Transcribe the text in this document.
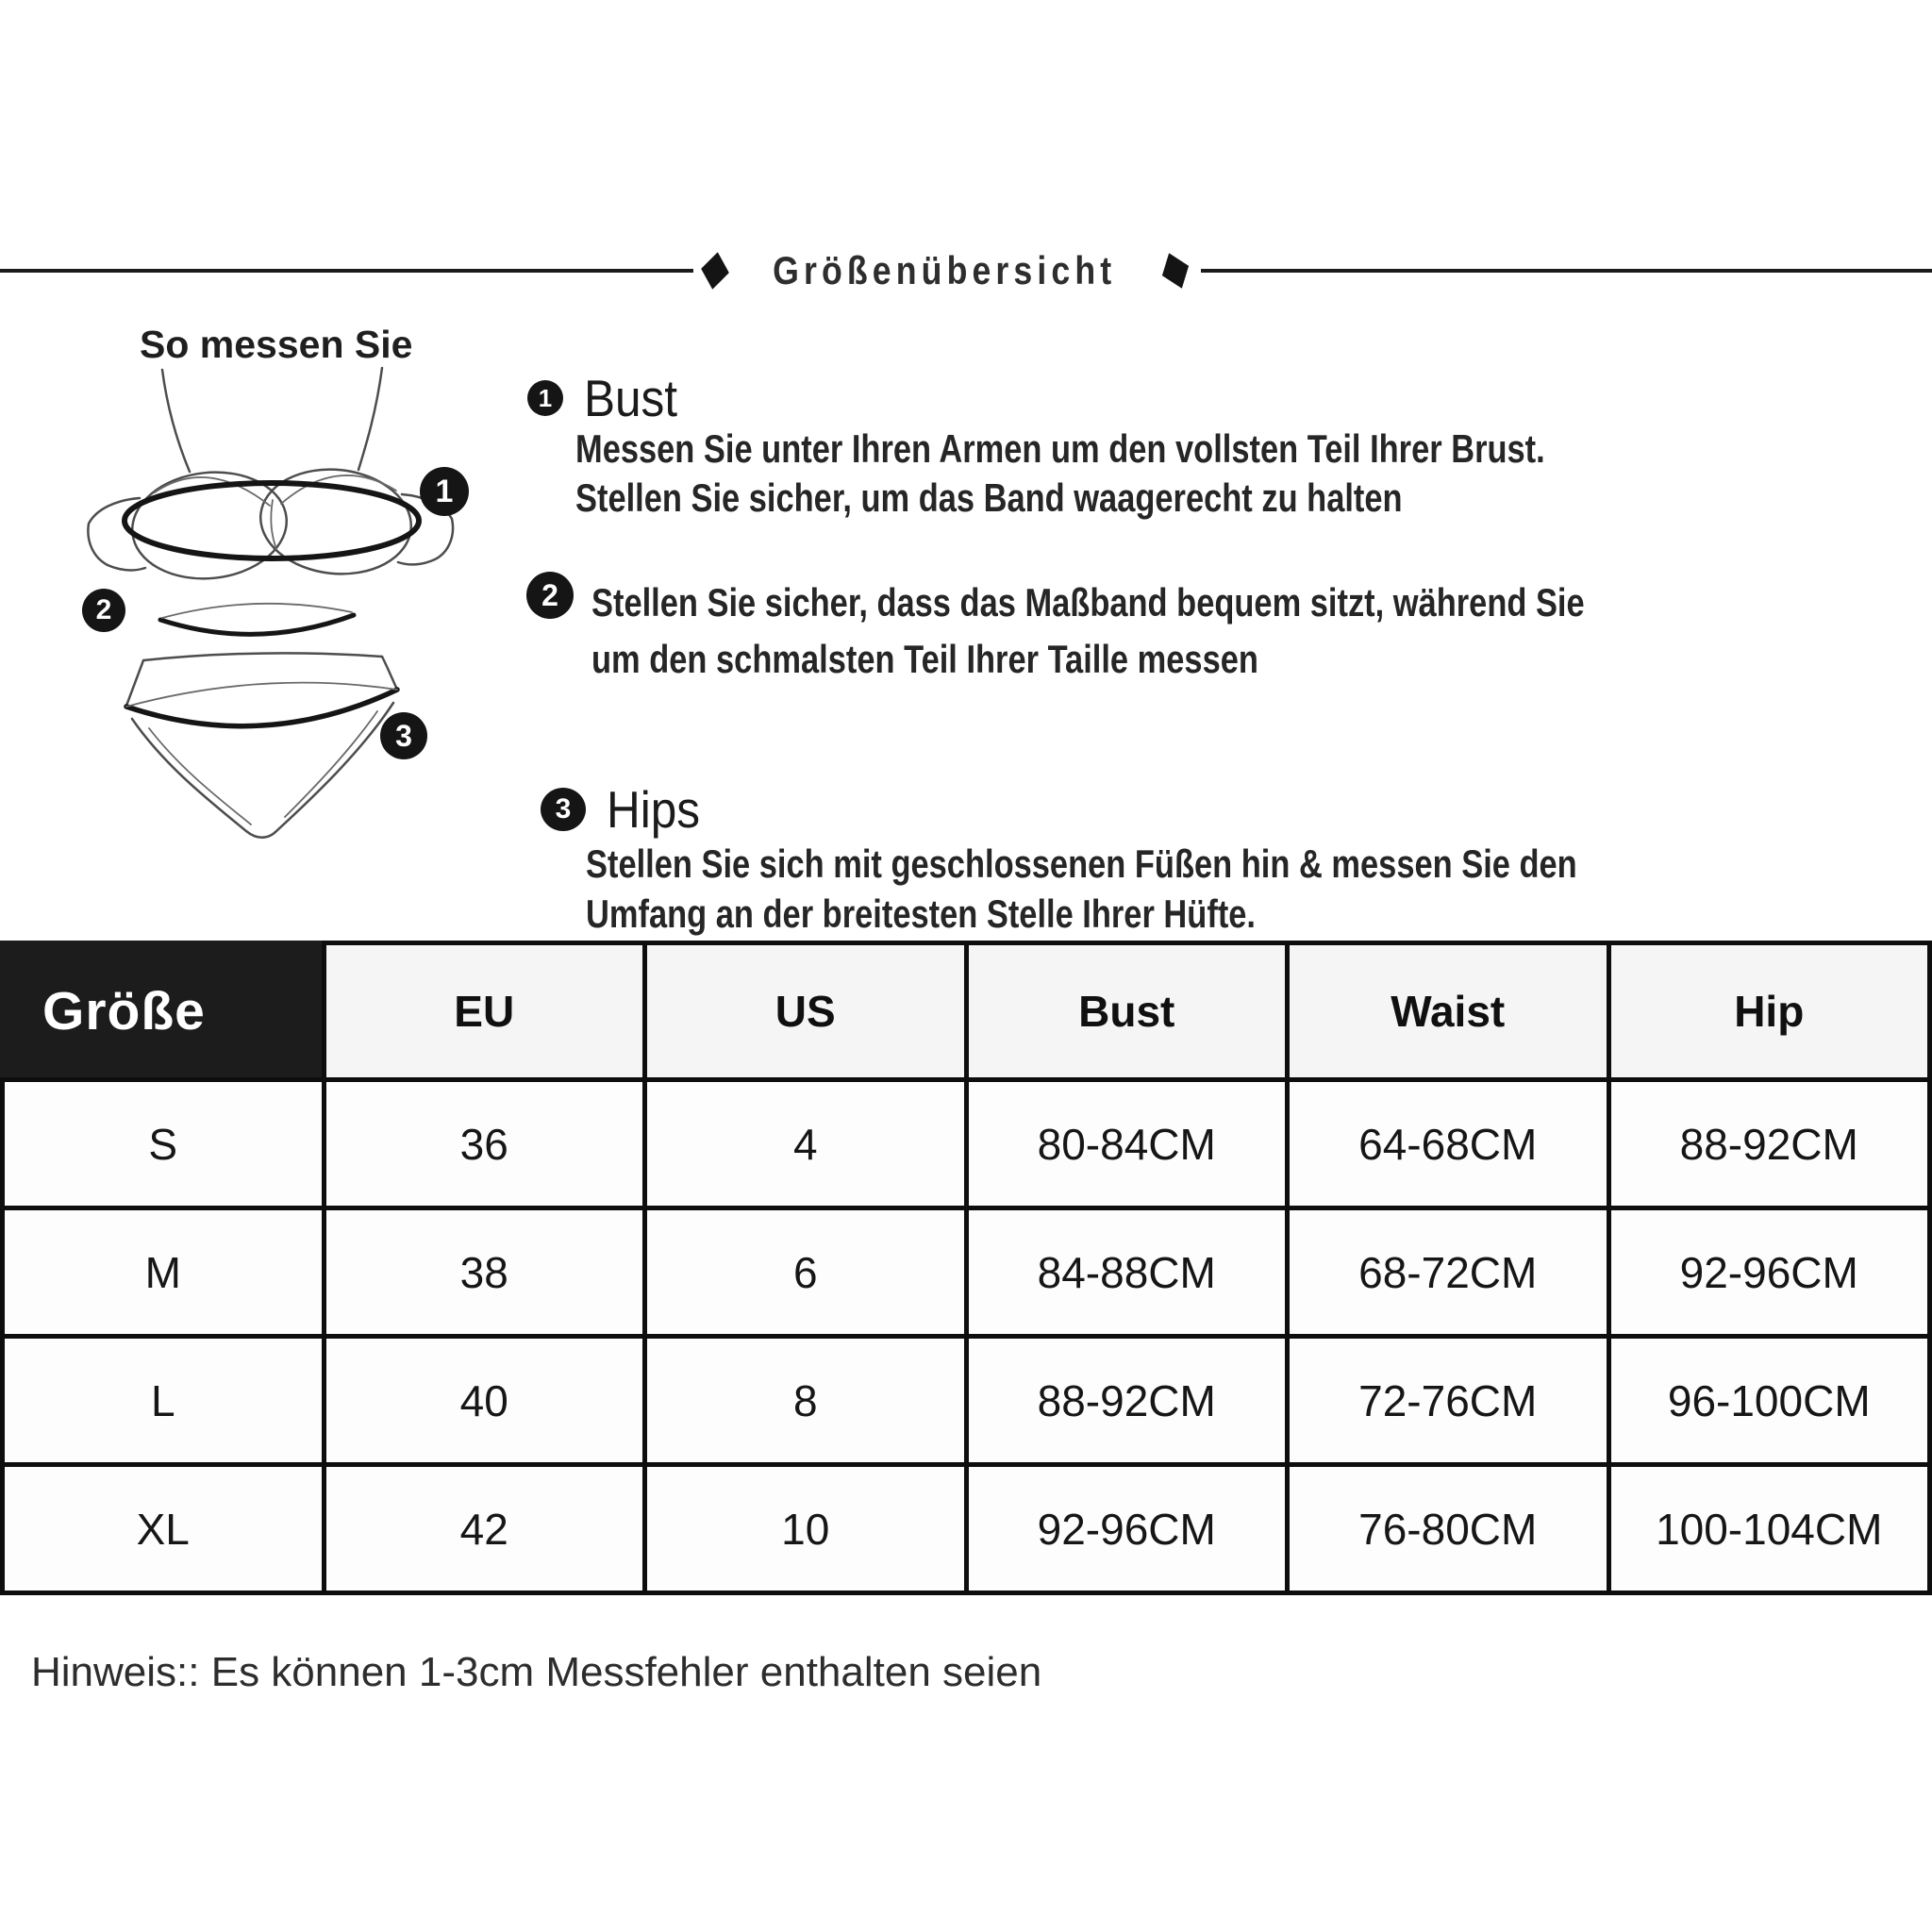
Größenübersicht
So messen Sie
1
2
3
1 Bust
Messen Sie unter Ihren Armen um den vollsten Teil Ihrer Brust.
Stellen Sie sicher, um das Band waagerecht zu halten
2 Stellen Sie sicher, dass das Maßband bequem sitzt, während Sie
um den schmalsten Teil Ihrer Taille messen
3 Hips
Stellen Sie sich mit geschlossenen Füßen hin & messen Sie den
Umfang an der breitesten Stelle Ihrer Hüfte.
Größe	EU	US	Bust	Waist	Hip
S	36	4	80-84CM	64-68CM	88-92CM
M	38	6	84-88CM	68-72CM	92-96CM
L	40	8	88-92CM	72-76CM	96-100CM
XL	42	10	92-96CM	76-80CM	100-104CM
Hinweis:: Es können 1-3cm Messfehler enthalten seien
